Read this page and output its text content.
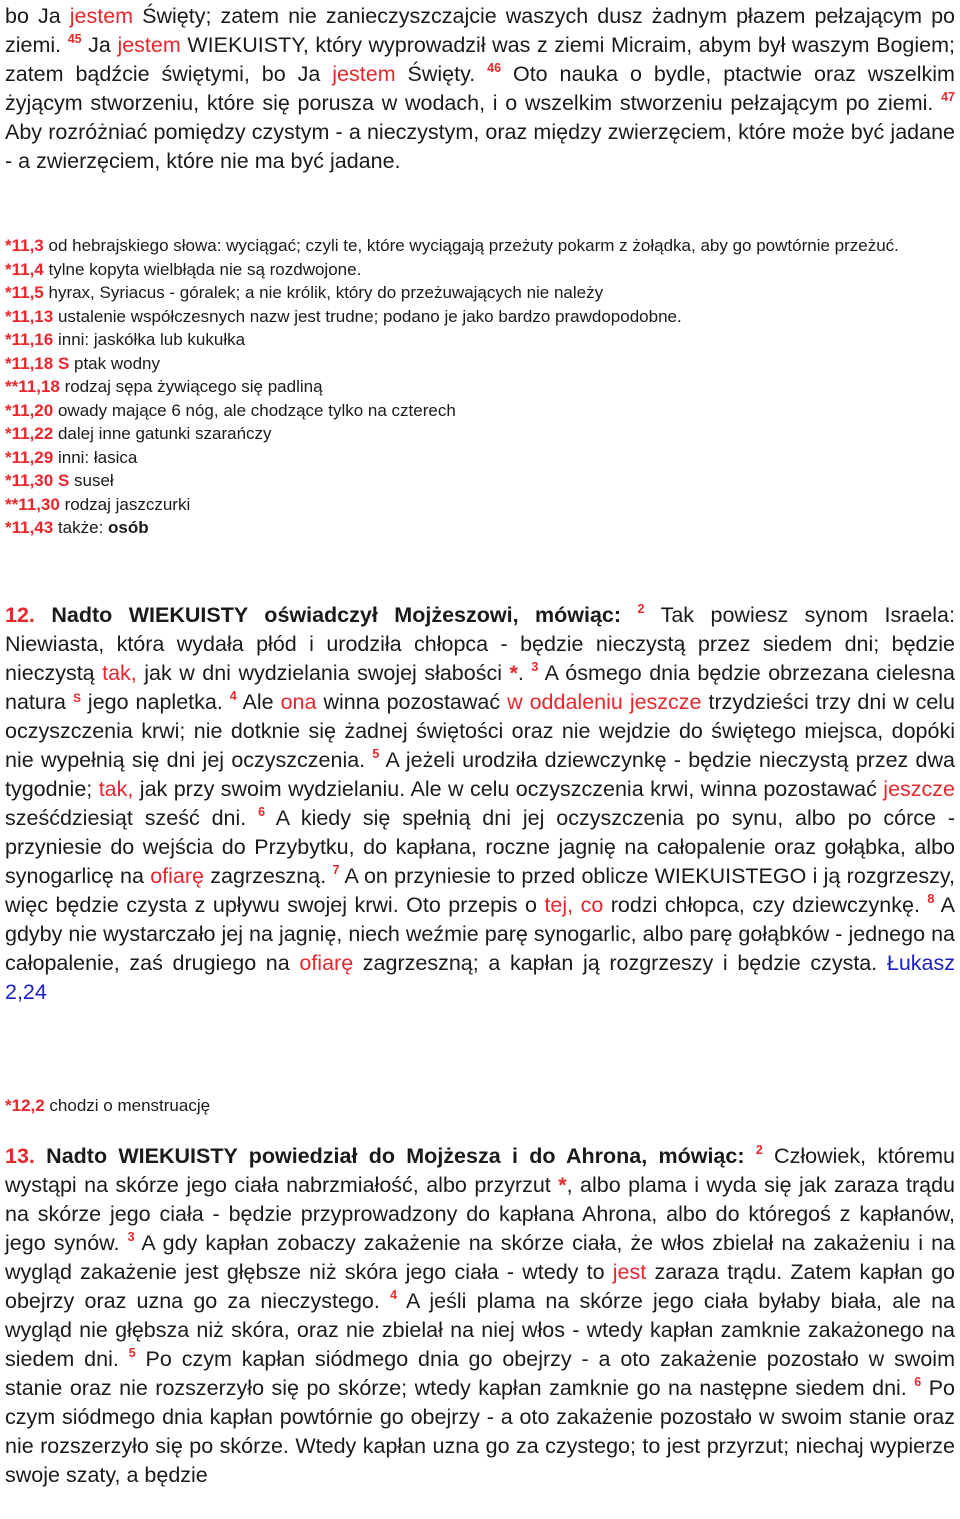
bo Ja jestem Święty; zatem nie zanieczyszczajcie waszych dusz żadnym płazem pełzającym po ziemi. $^{45}$ Ja jestem WIEKUISTY, który wyprowadził was z ziemi Micraim, abym był waszym Bogiem; zatem bądźcie świętymi, bo Ja jestem Święty. $^{46}$ Oto nauka o bydle, ptactwie oraz wszelkim żyjącym stworzeniu, które się porusza w wodach, i o wszelkim stworzeniu pełzającym po ziemi. $^{47}$ Aby rozróżniać pomiędzy czystym - a nieczystym, oraz między zwierzęciem, które może być jadane - a zwierzęciem, które nie ma być jadane.

*11,3 od hebrajskiego słowa: wyciągać; czyli te, które wyciągają przeżuty pokarm z żołądka, aby go powtórnie przeżuć.

*11,4 tylne kopyta wielbłąda nie są rozdwojone.

*11,5 hyrax, Syriacus - góralek; a nie królik, który do przeżuwających nie należy

*11,13 ustalenie współczesnych nazw jest trudne; podano je jako bardzo prawdopodobne.

*11,16 inni: jaskółka lub kukułka

*11,18 S ptak wodny

**11,18 rodzaj sępa żywiącego się padliną

*11,20 owady mające 6 nóg, ale chodzące tylko na czterech

*11,22 dalej inne gatunki szarańczy

*11,29 inni: łasica

*11,30 S suseł

**11,30 rodzaj jaszczurki

*11,43 także: osób

12. Nadto WIEKUISTY oświadczył Mojżeszowi, mówiąc: $^2$ Tak powiesz synom Israela: Niewiasta, która wydała płód i urodziła chłopca - będzie nieczystą przez siedem dni; będzie nieczystą tak, jak w dni wydzielania swojej słabości *. $^3$ A ósmego dnia będzie obrzezana cielesna natura $^S$ jego napletka. $^4$ Ale ona winna pozostawać w oddaleniu jeszcze trzydzieści trzy dni w celu oczyszczenia krwi; nie dotknie się żadnej świętości oraz nie wejdzie do świętego miejsca, dopóki nie wypełnią się dni jej oczyszczenia. $^5$ A jeżeli urodziła dziewczynkę - będzie nieczystą przez dwa tygodnie; tak, jak przy swoim wydzielaniu. Ale w celu oczyszczenia krwi, winna pozostawać jeszcze sześćdziesiąt sześć dni. $^6$ A kiedy się spełnią dni jej oczyszczenia po synu, albo po córce - przyniesie do wejścia do Przybytku, do kapłana, roczne jagnię na całopalenie oraz gołąbka, albo synogarlicę na ofiarę zagrzeszną. $^7$ A on przyniesie to przed oblicze WIEKUISTEGO i ją rozgrzeszy, więc będzie czysta z upływu swojej krwi. Oto przepis o tej, co rodzi chłopca, czy dziewczynkę. $^8$ A gdyby nie wystarczało jej na jagnię, niech weźmie parę synogarlic, albo parę gołąbków - jednego na całopalenie, zaś drugiego na ofiarę zagrzeszną; a kapłan ją rozgrzeszy i będzie czysta. Łukasz 2,24

*12,2 chodzi o menstruację

13. Nadto WIEKUISTY powiedział do Mojżesza i do Ahrona, mówiąc: $^2$ Człowiek, któremu wystąpi na skórze jego ciała nabrzmiałość, albo przyrzut *, albo plama i wyda się jak zaraza trądu na skórze jego ciała - będzie przyprowadzony do kapłana Ahrona, albo do któregoś z kapłanów, jego synów. $^3$ A gdy kapłan zobaczy zakażenie na skórze ciała, że włos zbielał na zakażeniu i na wygląd zakażenie jest głębsze niż skóra jego ciała - wtedy to jest zaraza trądu. Zatem kapłan go obejrzy oraz uzna go za nieczystego. $^4$ A jeśli plama na skórze jego ciała byłaby biała, ale na wygląd nie głębsza niż skóra, oraz nie zbielał na niej włos - wtedy kapłan zamknie zakażonego na siedem dni. $^5$ Po czym kapłan siódmego dnia go obejrzy - a oto zakażenie pozostało w swoim stanie oraz nie rozszerzyło się po skórze; wtedy kapłan zamknie go na następne siedem dni. $^6$ Po czym siódmego dnia kapłan powtórnie go obejrzy - a oto zakażenie pozostało w swoim stanie oraz nie rozszerzyło się po skórze. Wtedy kapłan uzna go za czystego; to jest przyrzut; niechaj wypierze swoje szaty, a będzie
